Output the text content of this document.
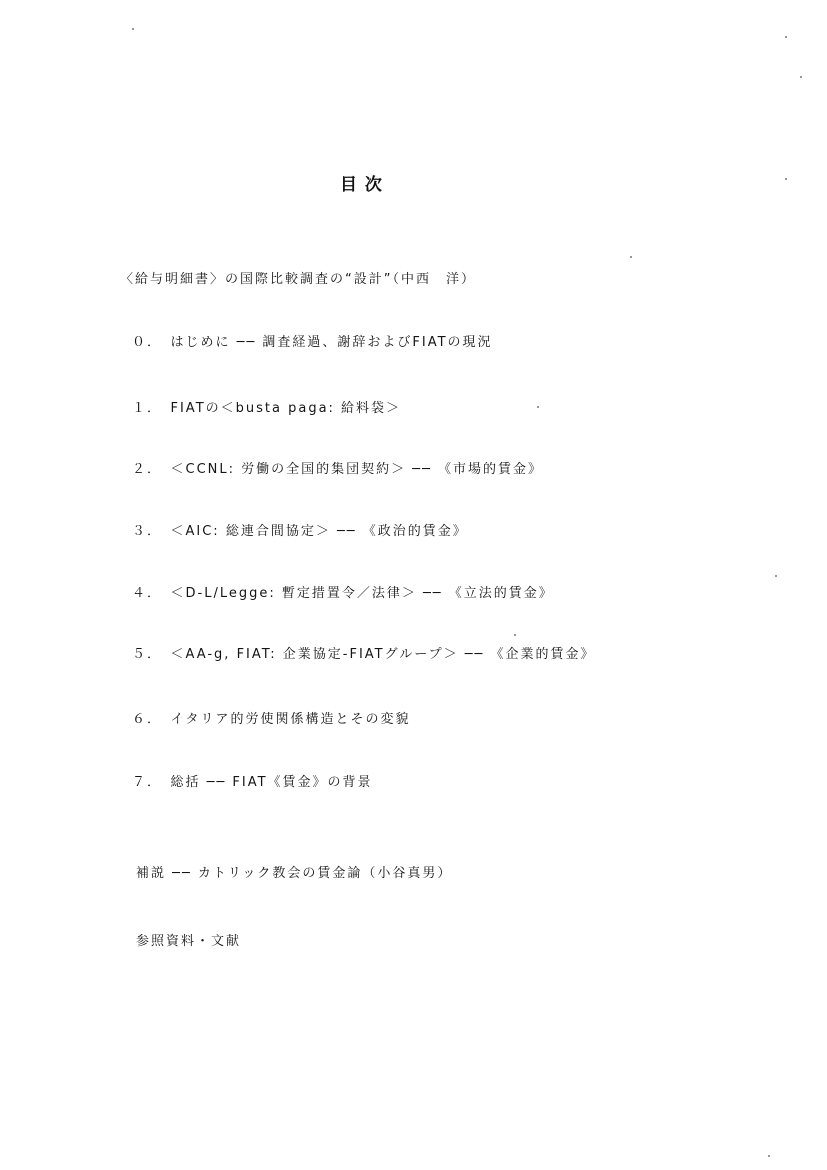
目 次
〈給与明細書〉の国際比較調査の“設計”（中西　洋）
０．　はじめに ── 調査経過、謝辞およびFIATの現況
１．　FIATの＜busta paga: 給料袋＞
２．　＜CCNL: 労働の全国的集団契約＞ ── 《市場的賃金》
３．　＜AIC: 総連合間協定＞ ── 《政治的賃金》
４．　＜D-L/Legge: 暫定措置令／法律＞ ── 《立法的賃金》
５．　＜AA-g, FIAT: 企業協定-FIATグループ＞ ── 《企業的賃金》
６．　イタリア的労使関係構造とその変貌
７．　総括 ── FIAT《賃金》の背景
補説 ── カトリック教会の賃金論（小谷真男）
参照資料・文献
